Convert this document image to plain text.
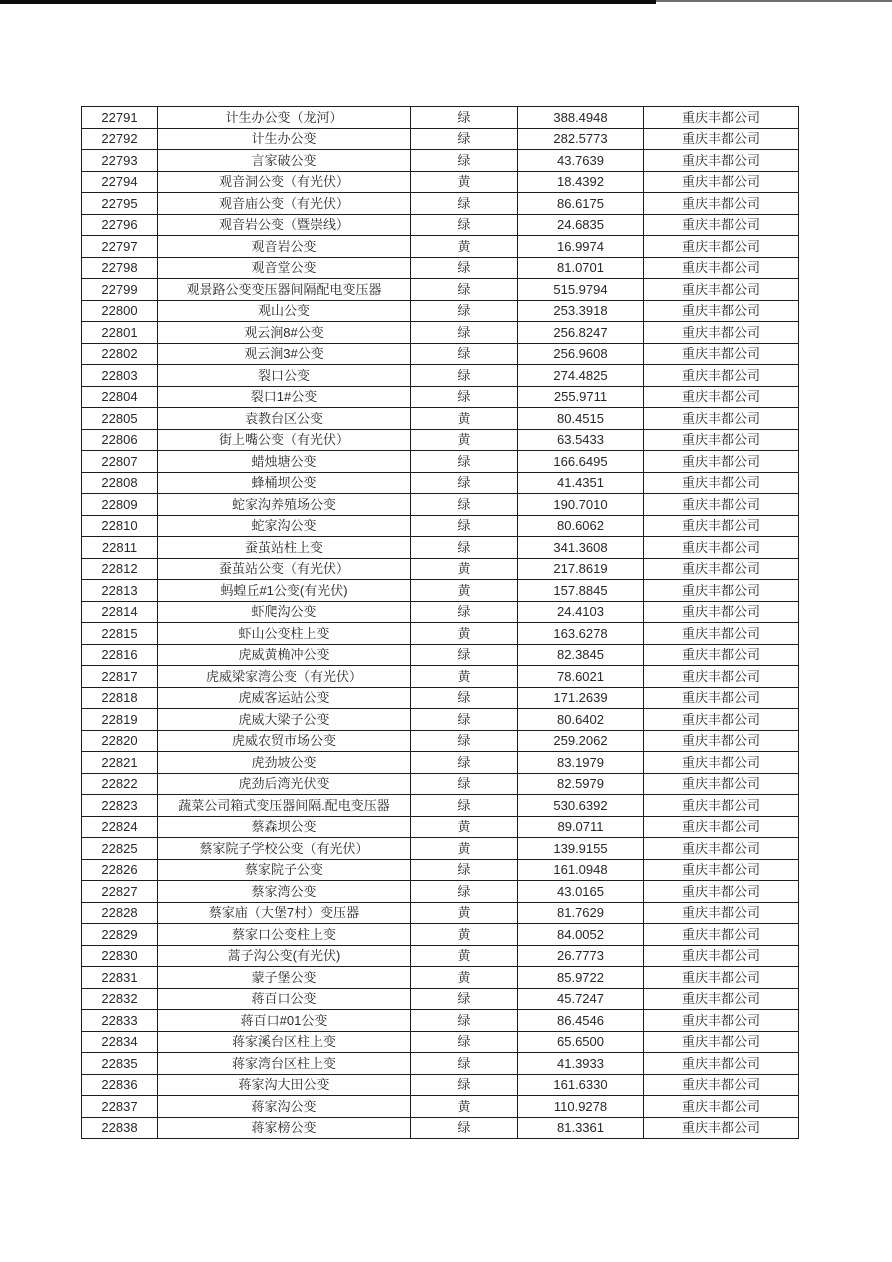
22791	计生办公变（龙河）	绿	388.4948	重庆丰都公司
22792	计生办公变	绿	282.5773	重庆丰都公司
22793	言家破公变	绿	43.7639	重庆丰都公司
22794	观音洞公变（有光伏）	黄	18.4392	重庆丰都公司
22795	观音庙公变（有光伏）	绿	86.6175	重庆丰都公司
22796	观音岩公变（暨崇线）	绿	24.6835	重庆丰都公司
22797	观音岩公变	黄	16.9974	重庆丰都公司
22798	观音堂公变	绿	81.0701	重庆丰都公司
22799	观景路公变变压器间隔配电变压器	绿	515.9794	重庆丰都公司
22800	观山公变	绿	253.3918	重庆丰都公司
22801	观云涧8#公变	绿	256.8247	重庆丰都公司
22802	观云涧3#公变	绿	256.9608	重庆丰都公司
22803	裂口公变	绿	274.4825	重庆丰都公司
22804	裂口1#公变	绿	255.9711	重庆丰都公司
22805	袁教台区公变	黄	80.4515	重庆丰都公司
22806	街上嘴公变（有光伏）	黄	63.5433	重庆丰都公司
22807	蜡烛塘公变	绿	166.6495	重庆丰都公司
22808	蜂桶坝公变	绿	41.4351	重庆丰都公司
22809	蛇家沟养殖场公变	绿	190.7010	重庆丰都公司
22810	蛇家沟公变	绿	80.6062	重庆丰都公司
22811	蚕茧站柱上变	绿	341.3608	重庆丰都公司
22812	蚕茧站公变（有光伏）	黄	217.8619	重庆丰都公司
22813	蚂蝗丘#1公变(有光伏)	黄	157.8845	重庆丰都公司
22814	虾爬沟公变	绿	24.4103	重庆丰都公司
22815	虾山公变柱上变	黄	163.6278	重庆丰都公司
22816	虎威黄桷冲公变	绿	82.3845	重庆丰都公司
22817	虎威梁家湾公变（有光伏）	黄	78.6021	重庆丰都公司
22818	虎威客运站公变	绿	171.2639	重庆丰都公司
22819	虎威大梁子公变	绿	80.6402	重庆丰都公司
22820	虎威农贸市场公变	绿	259.2062	重庆丰都公司
22821	虎劲坡公变	绿	83.1979	重庆丰都公司
22822	虎劲后湾光伏变	绿	82.5979	重庆丰都公司
22823	蔬菜公司箱式变压器间隔.配电变压器	绿	530.6392	重庆丰都公司
22824	蔡森坝公变	黄	89.0711	重庆丰都公司
22825	蔡家院子学校公变（有光伏）	黄	139.9155	重庆丰都公司
22826	蔡家院子公变	绿	161.0948	重庆丰都公司
22827	蔡家湾公变	绿	43.0165	重庆丰都公司
22828	蔡家庙（大堡7村）变压器	黄	81.7629	重庆丰都公司
22829	蔡家口公变柱上变	黄	84.0052	重庆丰都公司
22830	蒿子沟公变(有光伏)	黄	26.7773	重庆丰都公司
22831	蒙子堡公变	黄	85.9722	重庆丰都公司
22832	蒋百口公变	绿	45.7247	重庆丰都公司
22833	蒋百口#01公变	绿	86.4546	重庆丰都公司
22834	蒋家溪台区柱上变	绿	65.6500	重庆丰都公司
22835	蒋家湾台区柱上变	绿	41.3933	重庆丰都公司
22836	蒋家沟大田公变	绿	161.6330	重庆丰都公司
22837	蒋家沟公变	黄	110.9278	重庆丰都公司
22838	蒋家榜公变	绿	81.3361	重庆丰都公司
